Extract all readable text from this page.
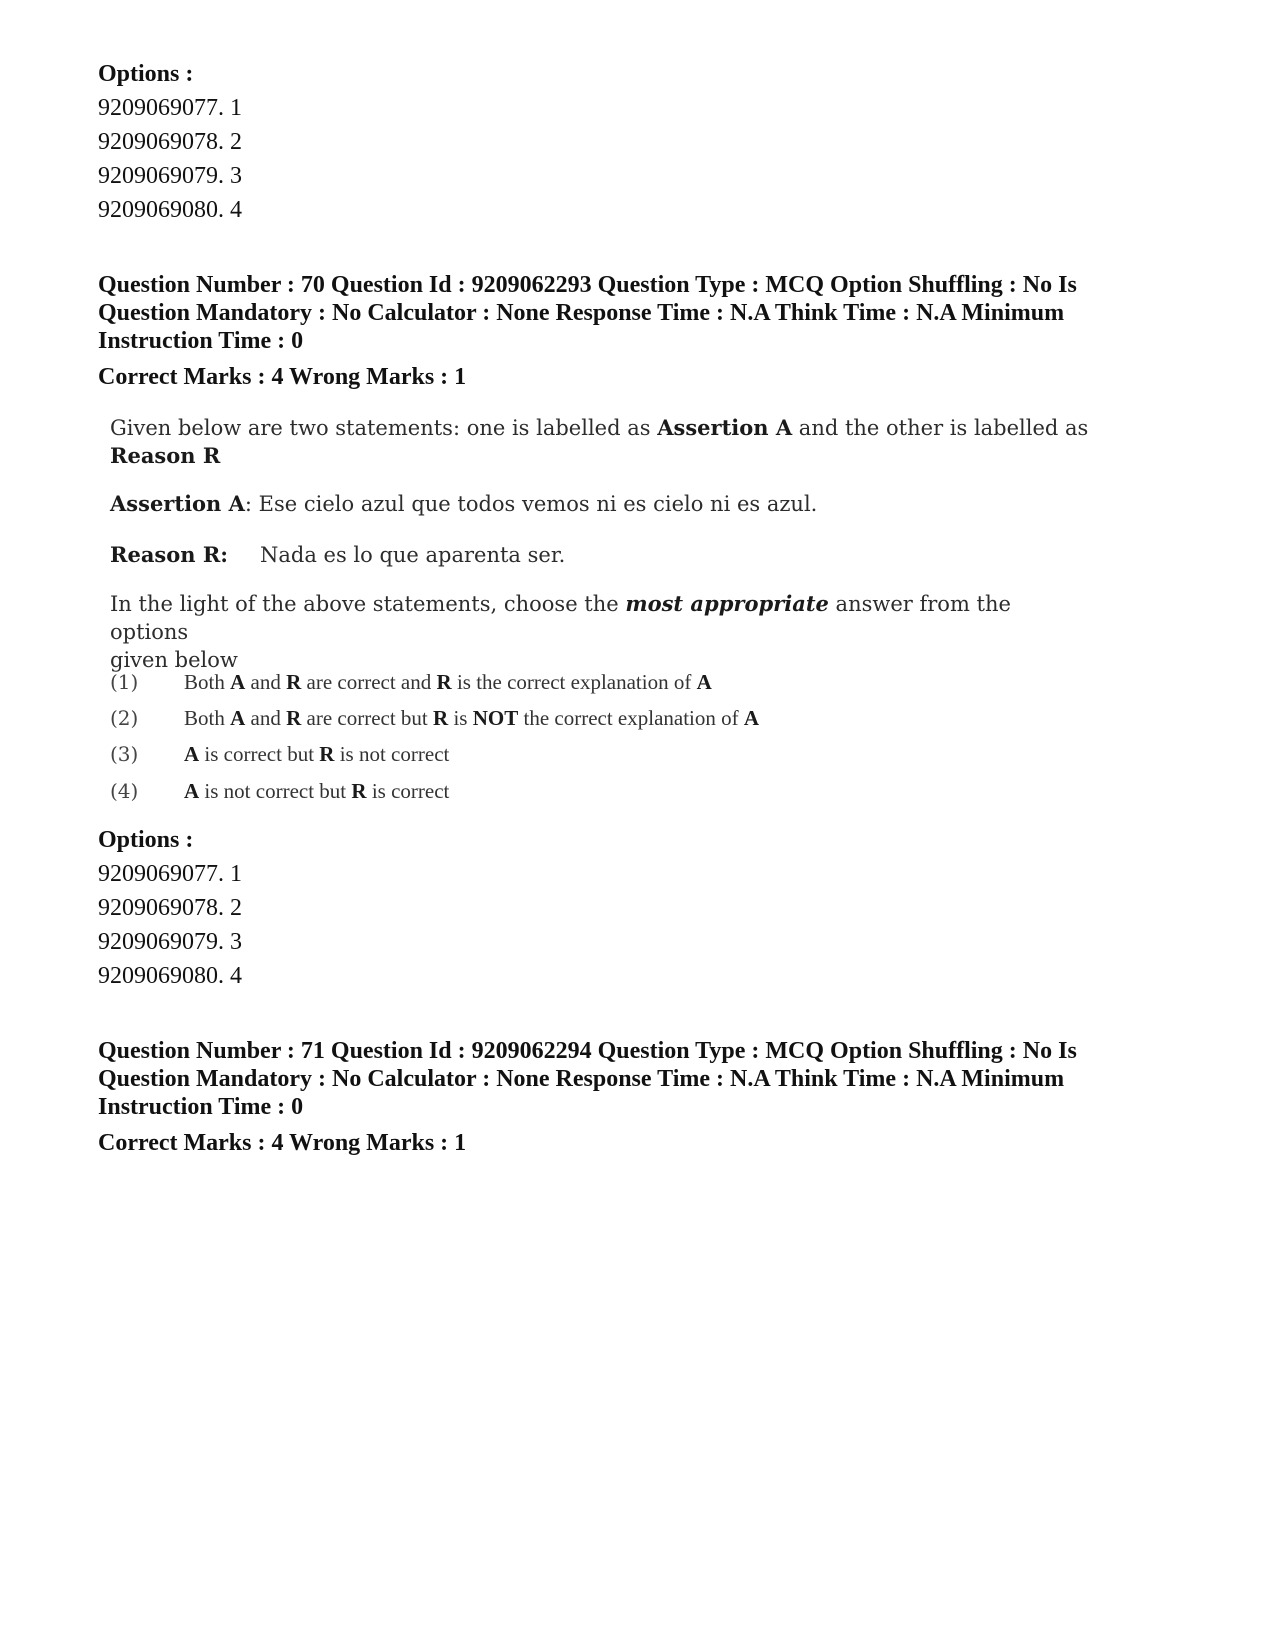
Options :

9209069077. 1

9209069078. 2

9209069079. 3

9209069080. 4

Question Number : 70 Question Id : 9209062293 Question Type : MCQ Option Shuffling : No Is

Question Mandatory : No Calculator : None Response Time : N.A Think Time : N.A Minimum

Instruction Time : 0

Correct Marks : 4 Wrong Marks : 1

Given below are two statements: one is labelled as Assertion A and the other is labelled as
Reason R

Assertion A: Ese cielo azul que todos vemos ni es cielo ni es azul.

Reason R: Nada es lo que aparenta ser.

In the light of the above statements, choose the most appropriate answer from the options
given below

(1) Both A and R are correct and R is the correct explanation of A
(2) Both A and R are correct but R is NOT the correct explanation of A
(3) A is correct but R is not correct
(4) A is not correct but R is correct

Options :

9209069077. 1

9209069078. 2

9209069079. 3

9209069080. 4

Question Number : 71 Question Id : 9209062294 Question Type : MCQ Option Shuffling : No Is

Question Mandatory : No Calculator : None Response Time : N.A Think Time : N.A Minimum

Instruction Time : 0

Correct Marks : 4 Wrong Marks : 1
